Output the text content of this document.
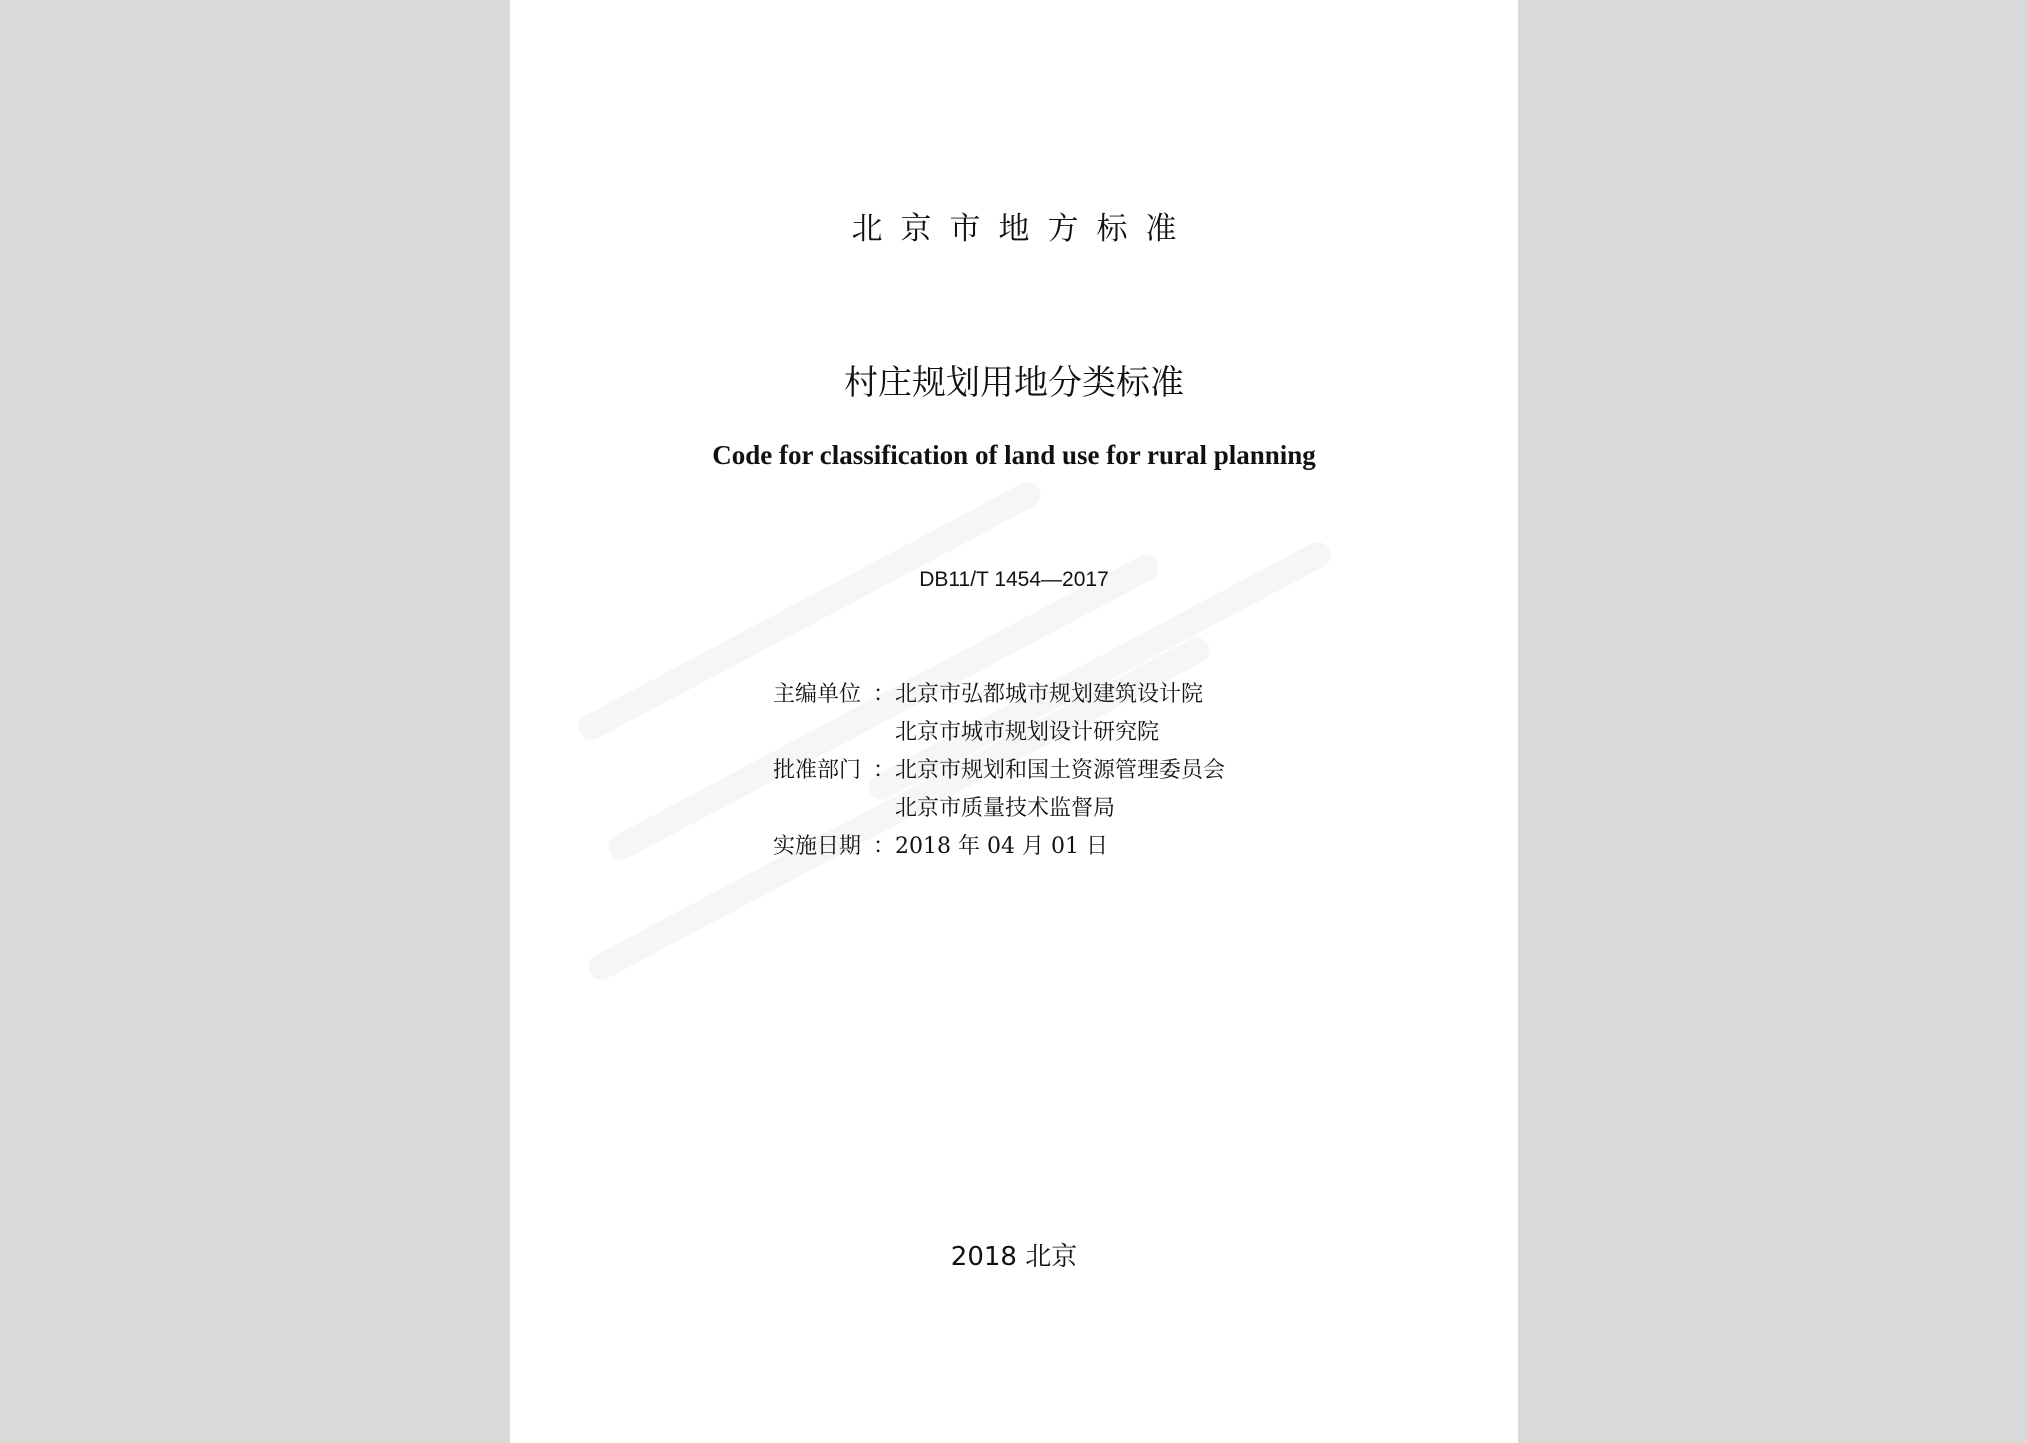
北京市地方标准
村庄规划用地分类标准
Code for classification of land use for rural planning
DB11/T 1454—2017
主编单位 ： 北京市弘都城市规划建筑设计院
北京市城市规划设计研究院
批准部门 ： 北京市规划和国土资源管理委员会
北京市质量技术监督局
实施日期 ： 2018 年 04 月 01 日
2018 北京
